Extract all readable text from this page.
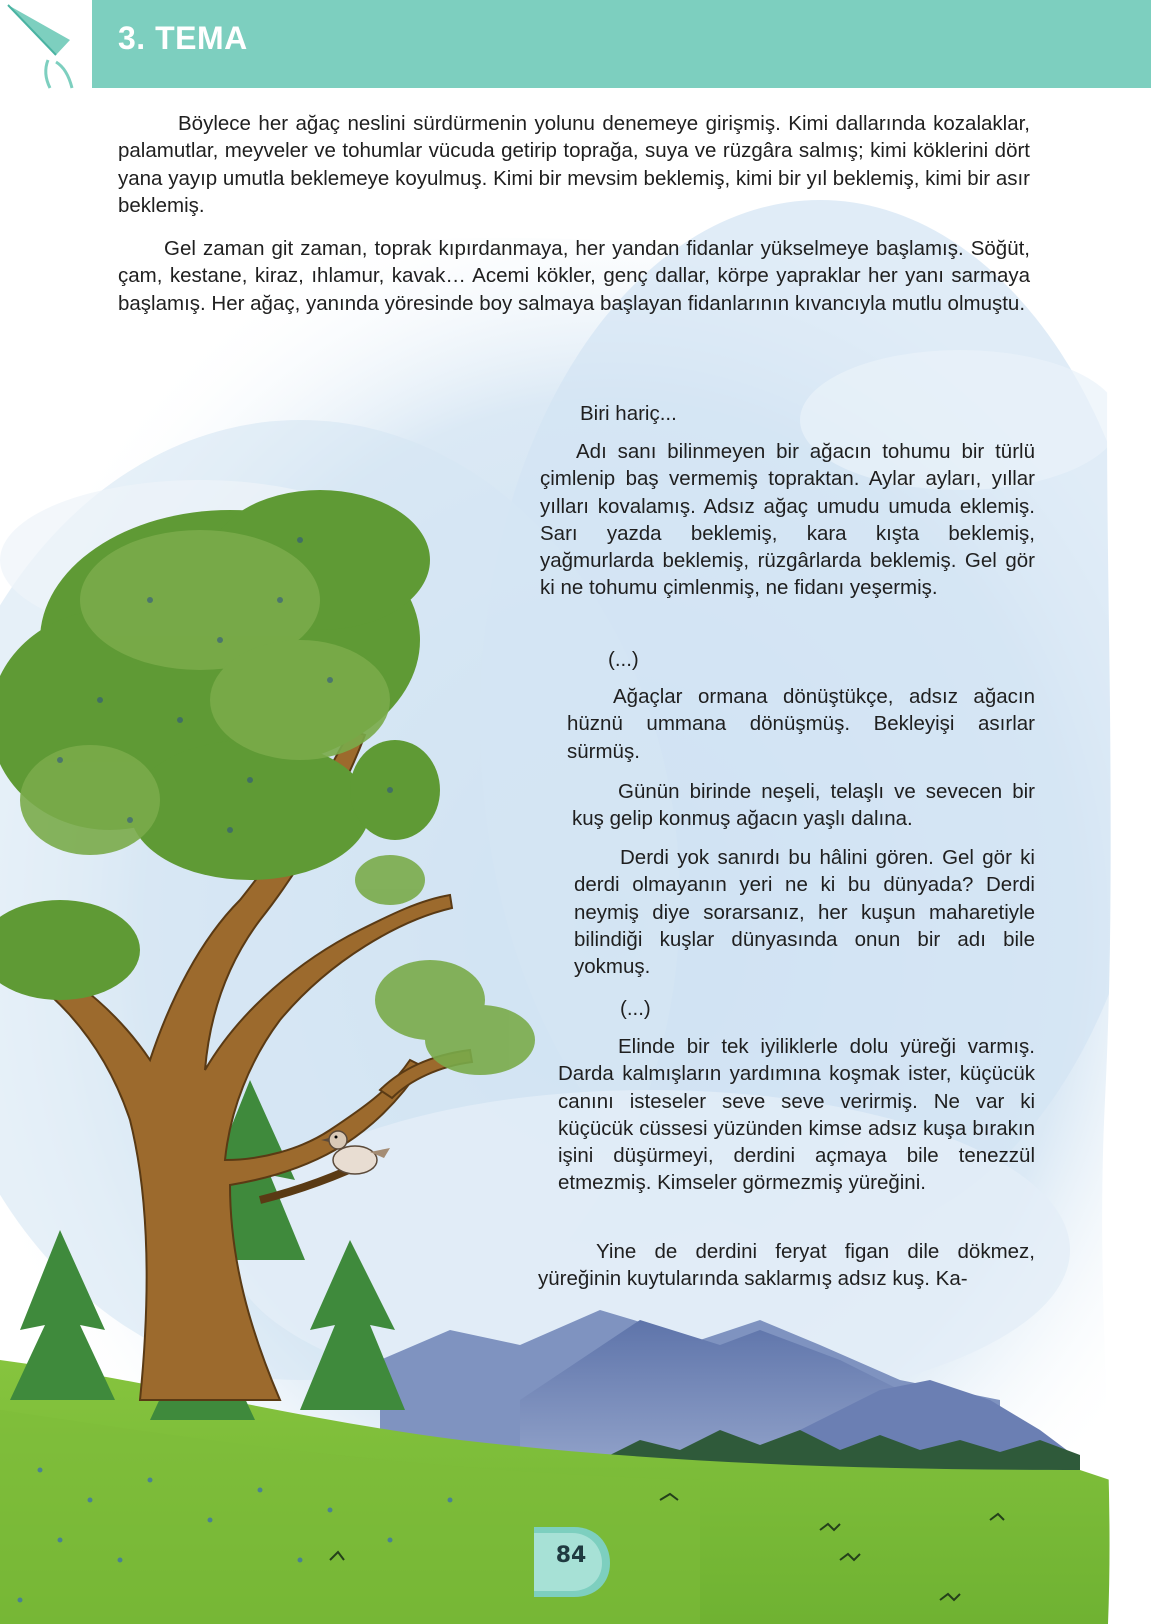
3. TEMA

Böylece her ağaç neslini sürdürmenin yolunu denemeye girişmiş. Kimi dallarında kozalaklar, palamutlar, meyveler ve tohumlar vücuda getirip toprağa, suya ve rüzgâra salmış; kimi köklerini dört yana yayıp umutla beklemeye koyulmuş. Kimi bir mevsim beklemiş, kimi bir yıl beklemiş, kimi bir asır beklemiş.

Gel zaman git zaman, toprak kıpırdanmaya, her yandan fidanlar yükselmeye başlamış. Söğüt, çam, kestane, kiraz, ıhlamur, kavak… Acemi kökler, genç dallar, körpe yapraklar her yanı sarmaya başlamış. Her ağaç, yanında yöresinde boy salmaya başlayan fidanlarının kıvancıyla mutlu olmuştu.

Biri hariç...

Adı sanı bilinmeyen bir ağacın tohumu bir türlü çimlenip baş vermemiş topraktan. Aylar ayları, yıllar yılları kovalamış. Adsız ağaç umudu umuda eklemiş. Sarı yazda beklemiş, kara kışta beklemiş, yağmurlarda beklemiş, rüzgârlarda beklemiş. Gel gör ki ne tohumu çimlenmiş, ne fidanı yeşermiş.

(...)

Ağaçlar ormana dönüştükçe, adsız ağacın hüznü ummana dönüşmüş. Bekleyişi asırlar sürmüş.

Günün birinde neşeli, telaşlı ve sevecen bir kuş gelip konmuş ağacın yaşlı dalına.

Derdi yok sanırdı bu hâlini gören. Gel gör ki derdi olmayanın yeri ne ki bu dünyada? Derdi neymiş diye sorarsanız, her kuşun maharetiyle bilindiği kuşlar dünyasında onun bir adı bile yokmuş.

(...)

Elinde bir tek iyiliklerle dolu yüreği varmış. Darda kalmışların yardımına koşmak ister, küçücük canını isteseler seve seve verirmiş. Ne var ki küçücük cüssesi yüzünden kimse adsız kuşa bırakın işini düşürmeyi, derdini açmaya bile tenezzül etmezmiş. Kimseler görmezmiş yüreğini.

Yine de derdini feryat figan dile dökmez, yüreğinin kuytularında saklarmış adsız kuş. Ka-

84
